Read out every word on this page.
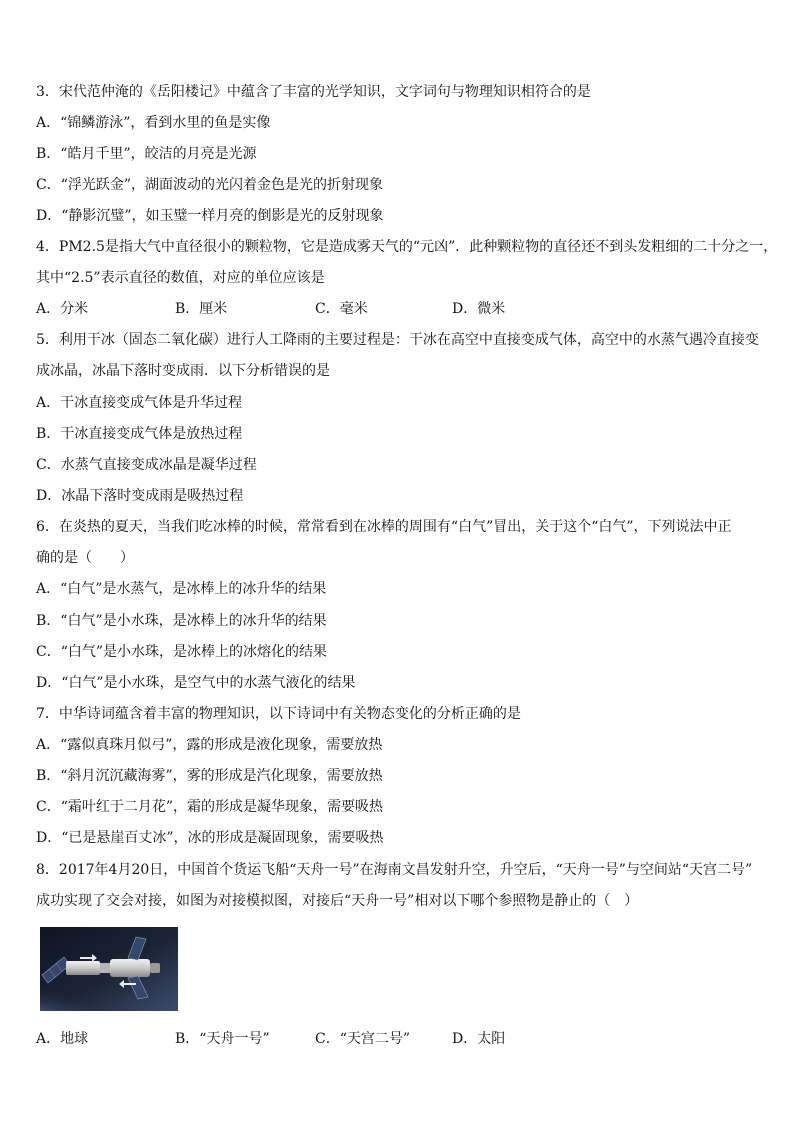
3．宋代范仲淹的《岳阳楼记》中蕴含了丰富的光学知识，文字词句与物理知识相符合的是
A．“锦鳞游泳”，看到水里的鱼是实像
B．“皓月千里”，皎洁的月亮是光源
C．“浮光跃金”，湖面波动的光闪着金色是光的折射现象
D．“静影沉璧”，如玉璧一样月亮的倒影是光的反射现象
4．PM2.5是指大气中直径很小的颗粒物，它是造成雾天气的“元凶”．此种颗粒物的直径还不到头发粗细的二十分之一，
其中“2.5”表示直径的数值，对应的单位应该是
A．分米	B．厘米	C．毫米	D．微米
5．利用干冰（固态二氧化碳）进行人工降雨的主要过程是：干冰在高空中直接变成气体，高空中的水蒸气遇冷直接变
成冰晶，冰晶下落时变成雨．以下分析错误的是
A．干冰直接变成气体是升华过程
B．干冰直接变成气体是放热过程
C．水蒸气直接变成冰晶是凝华过程
D．冰晶下落时变成雨是吸热过程
6．在炎热的夏天，当我们吃冰棒的时候，常常看到在冰棒的周围有“白气”冒出，关于这个“白气”，下列说法中正
确的是（　　）
A．“白气”是水蒸气，是冰棒上的冰升华的结果
B．“白气”是小水珠，是冰棒上的冰升华的结果
C．“白气”是小水珠，是冰棒上的冰熔化的结果
D．“白气”是小水珠，是空气中的水蒸气液化的结果
7．中华诗词蕴含着丰富的物理知识，以下诗词中有关物态变化的分析正确的是
A．“露似真珠月似弓”，露的形成是液化现象，需要放热
B．“斜月沉沉藏海雾”，雾的形成是汽化现象，需要放热
C．“霜叶红于二月花”，霜的形成是凝华现象，需要吸热
D．“已是悬崖百丈冰”，冰的形成是凝固现象，需要吸热
8．2017年4月20日，中国首个货运飞船“天舟一号”在海南文昌发射升空，升空后，“天舟一号”与空间站“天宫二号”
成功实现了交会对接，如图为对接模拟图，对接后“天舟一号”相对以下哪个参照物是静止的（　）
A．地球	B．“天舟一号”	C．“天宫二号”	D．太阳
